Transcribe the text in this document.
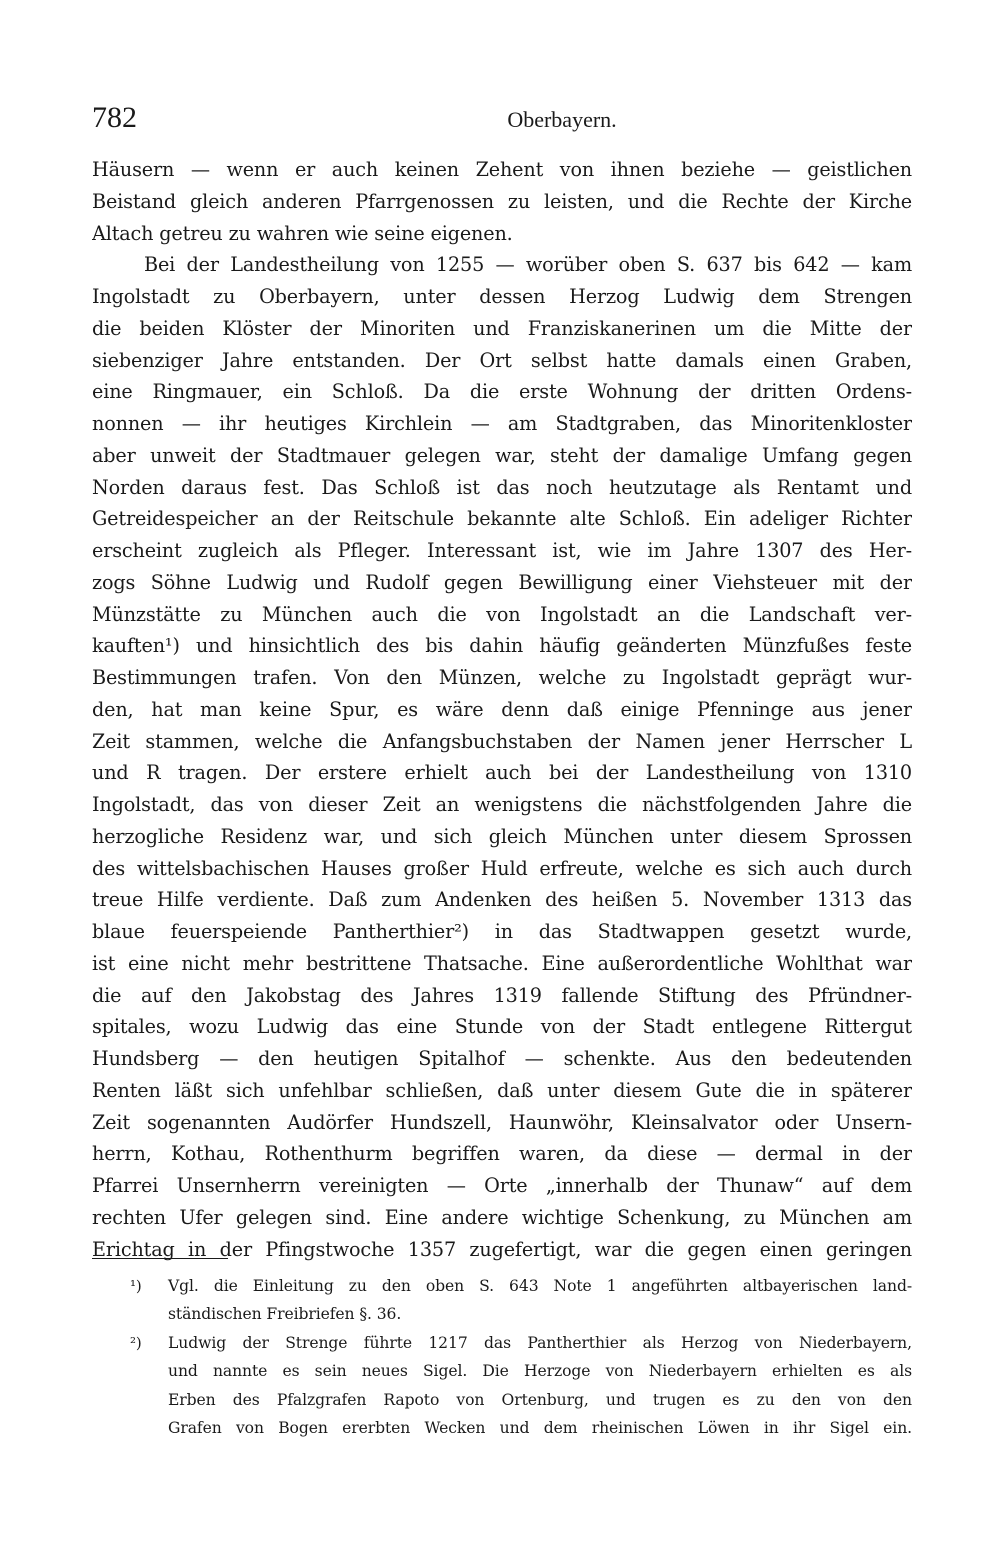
782	Oberbayern.
Häusern — wenn er auch keinen Zehent von ihnen beziehe — geistlichen
Beistand gleich anderen Pfarrgenossen zu leisten, und die Rechte der Kirche
Altach getreu zu wahren wie seine eigenen.
Bei der Landestheilung von 1255 — worüber oben S. 637 bis 642 — kam
Ingolstadt zu Oberbayern, unter dessen Herzog Ludwig dem Strengen
die beiden Klöster der Minoriten und Franziskanerinen um die Mitte der
siebenziger Jahre entstanden. Der Ort selbst hatte damals einen Graben,
eine Ringmauer, ein Schloß. Da die erste Wohnung der dritten Ordens-
nonnen — ihr heutiges Kirchlein — am Stadtgraben, das Minoritenkloster
aber unweit der Stadtmauer gelegen war, steht der damalige Umfang gegen
Norden daraus fest. Das Schloß ist das noch heutzutage als Rentamt und
Getreidespeicher an der Reitschule bekannte alte Schloß. Ein adeliger Richter
erscheint zugleich als Pfleger. Interessant ist, wie im Jahre 1307 des Her-
zogs Söhne Ludwig und Rudolf gegen Bewilligung einer Viehsteuer mit der
Münzstätte zu München auch die von Ingolstadt an die Landschaft ver-
kauften¹) und hinsichtlich des bis dahin häufig geänderten Münzfußes feste
Bestimmungen trafen. Von den Münzen, welche zu Ingolstadt geprägt wur-
den, hat man keine Spur, es wäre denn daß einige Pfenninge aus jener
Zeit stammen, welche die Anfangsbuchstaben der Namen jener Herrscher L
und R tragen. Der erstere erhielt auch bei der Landestheilung von 1310
Ingolstadt, das von dieser Zeit an wenigstens die nächstfolgenden Jahre die
herzogliche Residenz war, und sich gleich München unter diesem Sprossen
des wittelsbachischen Hauses großer Huld erfreute, welche es sich auch durch
treue Hilfe verdiente. Daß zum Andenken des heißen 5. November 1313 das
blaue feuerspeiende Pantherthier²) in das Stadtwappen gesetzt wurde,
ist eine nicht mehr bestrittene Thatsache. Eine außerordentliche Wohlthat war
die auf den Jakobstag des Jahres 1319 fallende Stiftung des Pfründner-
spitales, wozu Ludwig das eine Stunde von der Stadt entlegene Rittergut
Hundsberg — den heutigen Spitalhof — schenkte. Aus den bedeutenden
Renten läßt sich unfehlbar schließen, daß unter diesem Gute die in späterer
Zeit sogenannten Audörfer Hundszell, Haunwöhr, Kleinsalvator oder Unsern-
herrn, Kothau, Rothenthurm begriffen waren, da diese — dermal in der
Pfarrei Unsernherrn vereinigten — Orte „innerhalb der Thunaw“ auf dem
rechten Ufer gelegen sind. Eine andere wichtige Schenkung, zu München am
Erichtag in der Pfingstwoche 1357 zugefertigt, war die gegen einen geringen
¹) Vgl. die Einleitung zu den oben S. 643 Note 1 angeführten altbayerischen land-
ständischen Freibriefen §. 36.
²) Ludwig der Strenge führte 1217 das Pantherthier als Herzog von Niederbayern,
und nannte es sein neues Sigel. Die Herzoge von Niederbayern erhielten es als
Erben des Pfalzgrafen Rapoto von Ortenburg, und trugen es zu den von den
Grafen von Bogen ererbten Wecken und dem rheinischen Löwen in ihr Sigel ein.
